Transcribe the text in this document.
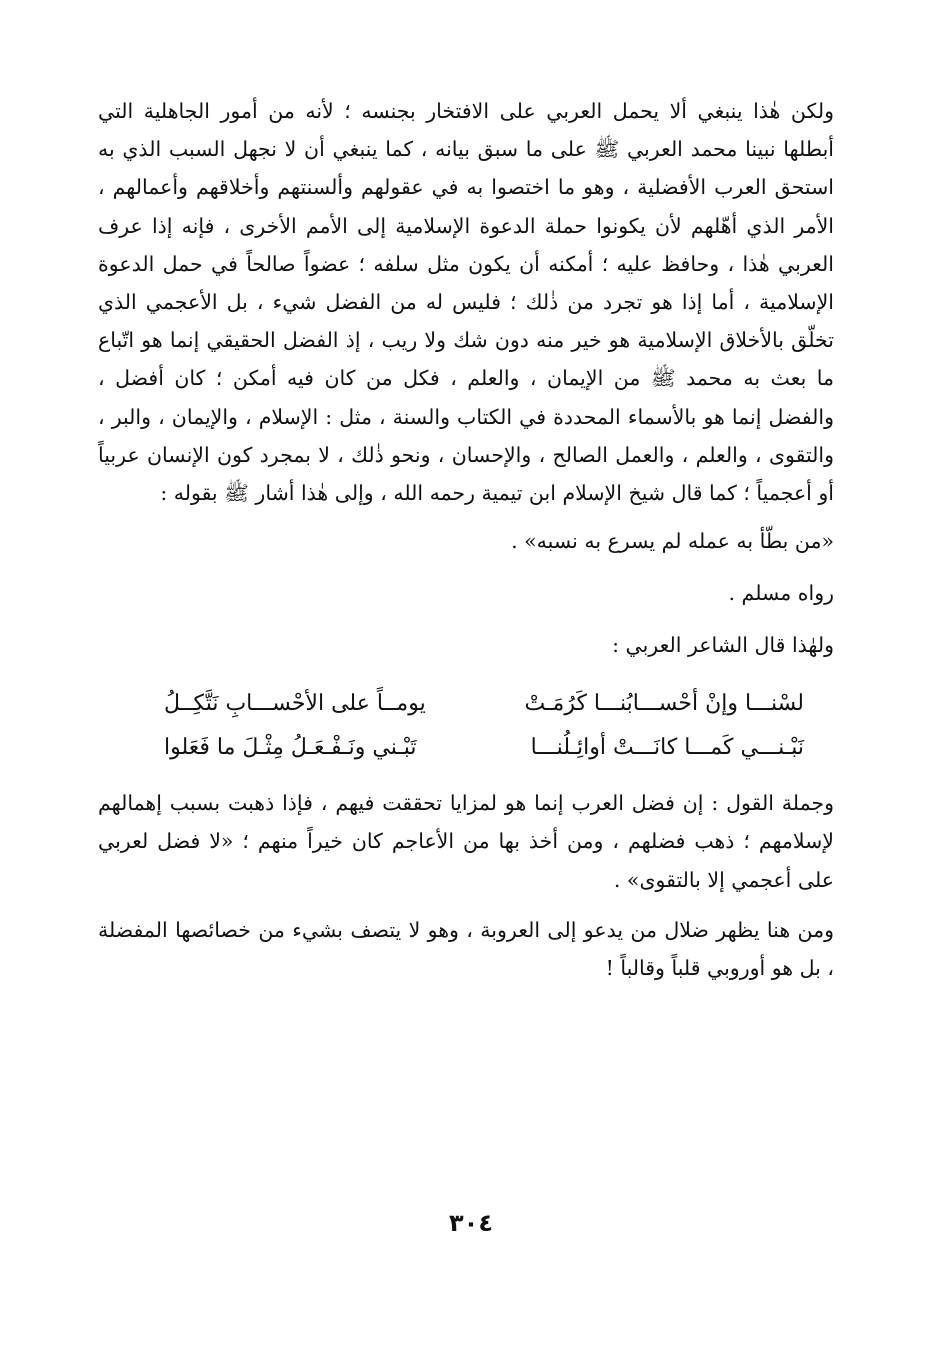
ولكن هٰذا ينبغي ألا يحمل العربي على الافتخار بجنسه ؛ لأنه من أمور الجاهلية التي أبطلها نبينا محمد العربي ﷺ على ما سبق بيانه ، كما ينبغي أن لا نجهل السبب الذي به استحق العرب الأفضلية ، وهو ما اختصوا به في عقولهم وألسنتهم وأخلاقهم وأعمالهم ، الأمر الذي أهّلهم لأن يكونوا حملة الدعوة الإسلامية إلى الأمم الأخرى ، فإنه إذا عرف العربي هٰذا ، وحافظ عليه ؛ أمكنه أن يكون مثل سلفه ؛ عضواً صالحاً في حمل الدعوة الإسلامية ، أما إذا هو تجرد من ذٰلك ؛ فليس له من الفضل شيء ، بل الأعجمي الذي تخلّق بالأخلاق الإسلامية هو خير منه دون شك ولا ريب ، إذ الفضل الحقيقي إنما هو اتّباع ما بعث به محمد ﷺ من الإيمان ، والعلم ، فكل من كان فيه أمكن ؛ كان أفضل ، والفضل إنما هو بالأسماء المحددة في الكتاب والسنة ، مثل : الإسلام ، والإيمان ، والبر ، والتقوى ، والعلم ، والعمل الصالح ، والإحسان ، ونحو ذٰلك ، لا بمجرد كون الإنسان عربياً أو أعجمياً ؛ كما قال شيخ الإسلام ابن تيمية رحمه الله ، وإلى هٰذا أشار ﷺ بقوله :

«من بطّأ به عمله لم يسرع به نسبه» .

رواه مسلم .

ولهٰذا قال الشاعر العربي :

لسْنـــا وإنْ أحْســـابُنـــا كَرُمَـتْ
يومــاً على الأحْســـابِ نَتَّكِــلُ
نَبْـنـــي كَمـــا كانَـــتْ أوائِـلُنـــا
تَبْـني ونَـفْـعَـلُ مِثْـلَ ما فَعَلوا

وجملة القول : إن فضل العرب إنما هو لمزايا تحققت فيهم ، فإذا ذهبت بسبب إهمالهم لإسلامهم ؛ ذهب فضلهم ، ومن أخذ بها من الأعاجم كان خيراً منهم ؛ «لا فضل لعربي على أعجمي إلا بالتقوى» .

ومن هنا يظهر ضلال من يدعو إلى العروبة ، وهو لا يتصف بشيء من خصائصها المفضلة ، بل هو أوروبي قلباً وقالباً !

٣٠٤
